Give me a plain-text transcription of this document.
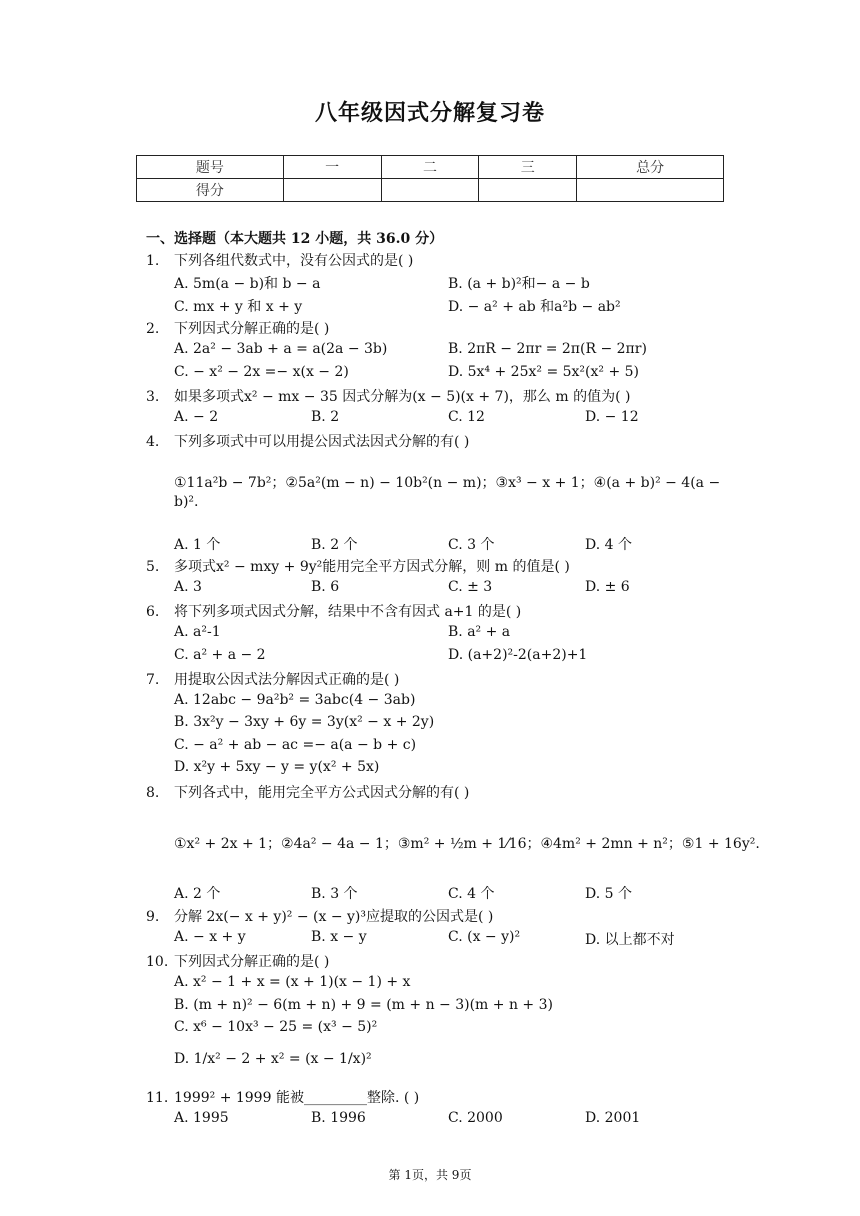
八年级因式分解复习卷
题号	一	二	三	总分
得分				
一、选择题（本大题共 12 小题，共 36.0 分）
1. 下列各组代数式中，没有公因式的是( )
A. 5m(a − b)和 b − a	B. (a + b)²和− a − b
C. mx + y 和 x + y	D. − a² + ab 和a²b − ab²
2. 下列因式分解正确的是( )
A. 2a² − 3ab + a = a(2a − 3b)	B. 2πR − 2πr = 2π(R − 2πr)
C. − x² − 2x =− x(x − 2)	D. 5x⁴ + 25x² = 5x²(x² + 5)
3. 如果多项式x² − mx − 35 因式分解为(x − 5)(x + 7)，那么 m 的值为( )
A. − 2	B. 2	C. 12	D. − 12
4. 下列多项式中可以用提公因式法因式分解的有( )
①11a²b − 7b²；②5a²(m − n) − 10b²(n − m)；③x³ − x + 1；④(a + b)² − 4(a −
b)².
A. 1 个	B. 2 个	C. 3 个	D. 4 个
5. 多项式x² − mxy + 9y²能用完全平方因式分解，则 m 的值是( )
A. 3	B. 6	C. ± 3	D. ± 6
6. 将下列多项式因式分解，结果中不含有因式 a+1 的是( )
A. a²-1	B. a² + a
C. a² + a − 2	D. (a+2)²-2(a+2)+1
7. 用提取公因式法分解因式正确的是( )
A. 12abc − 9a²b² = 3abc(4 − 3ab)
B. 3x²y − 3xy + 6y = 3y(x² − x + 2y)
C. − a² + ab − ac =− a(a − b + c)
D. x²y + 5xy − y = y(x² + 5x)
8. 下列各式中，能用完全平方公式因式分解的有( )
①x² + 2x + 1；②4a² − 4a − 1；③m² + ½m + 1⁄16；④4m² + 2mn + n²；⑤1 + 16y².
A. 2 个	B. 3 个	C. 4 个	D. 5 个
9. 分解 2x(− x + y)² − (x − y)³应提取的公因式是( )
A. − x + y	B. x − y	C. (x − y)²	D. 以上都不对
10. 下列因式分解正确的是( )
A. x² − 1 + x = (x + 1)(x − 1) + x
B. (m + n)² − 6(m + n) + 9 = (m + n − 3)(m + n + 3)
C. x⁶ − 10x³ − 25 = (x³ − 5)²
D. 1/x² − 2 + x² = (x − 1/x)²
11. 1999² + 1999 能被_________整除. ( )
A. 1995	B. 1996	C. 2000	D. 2001
第 1页，共 9页
